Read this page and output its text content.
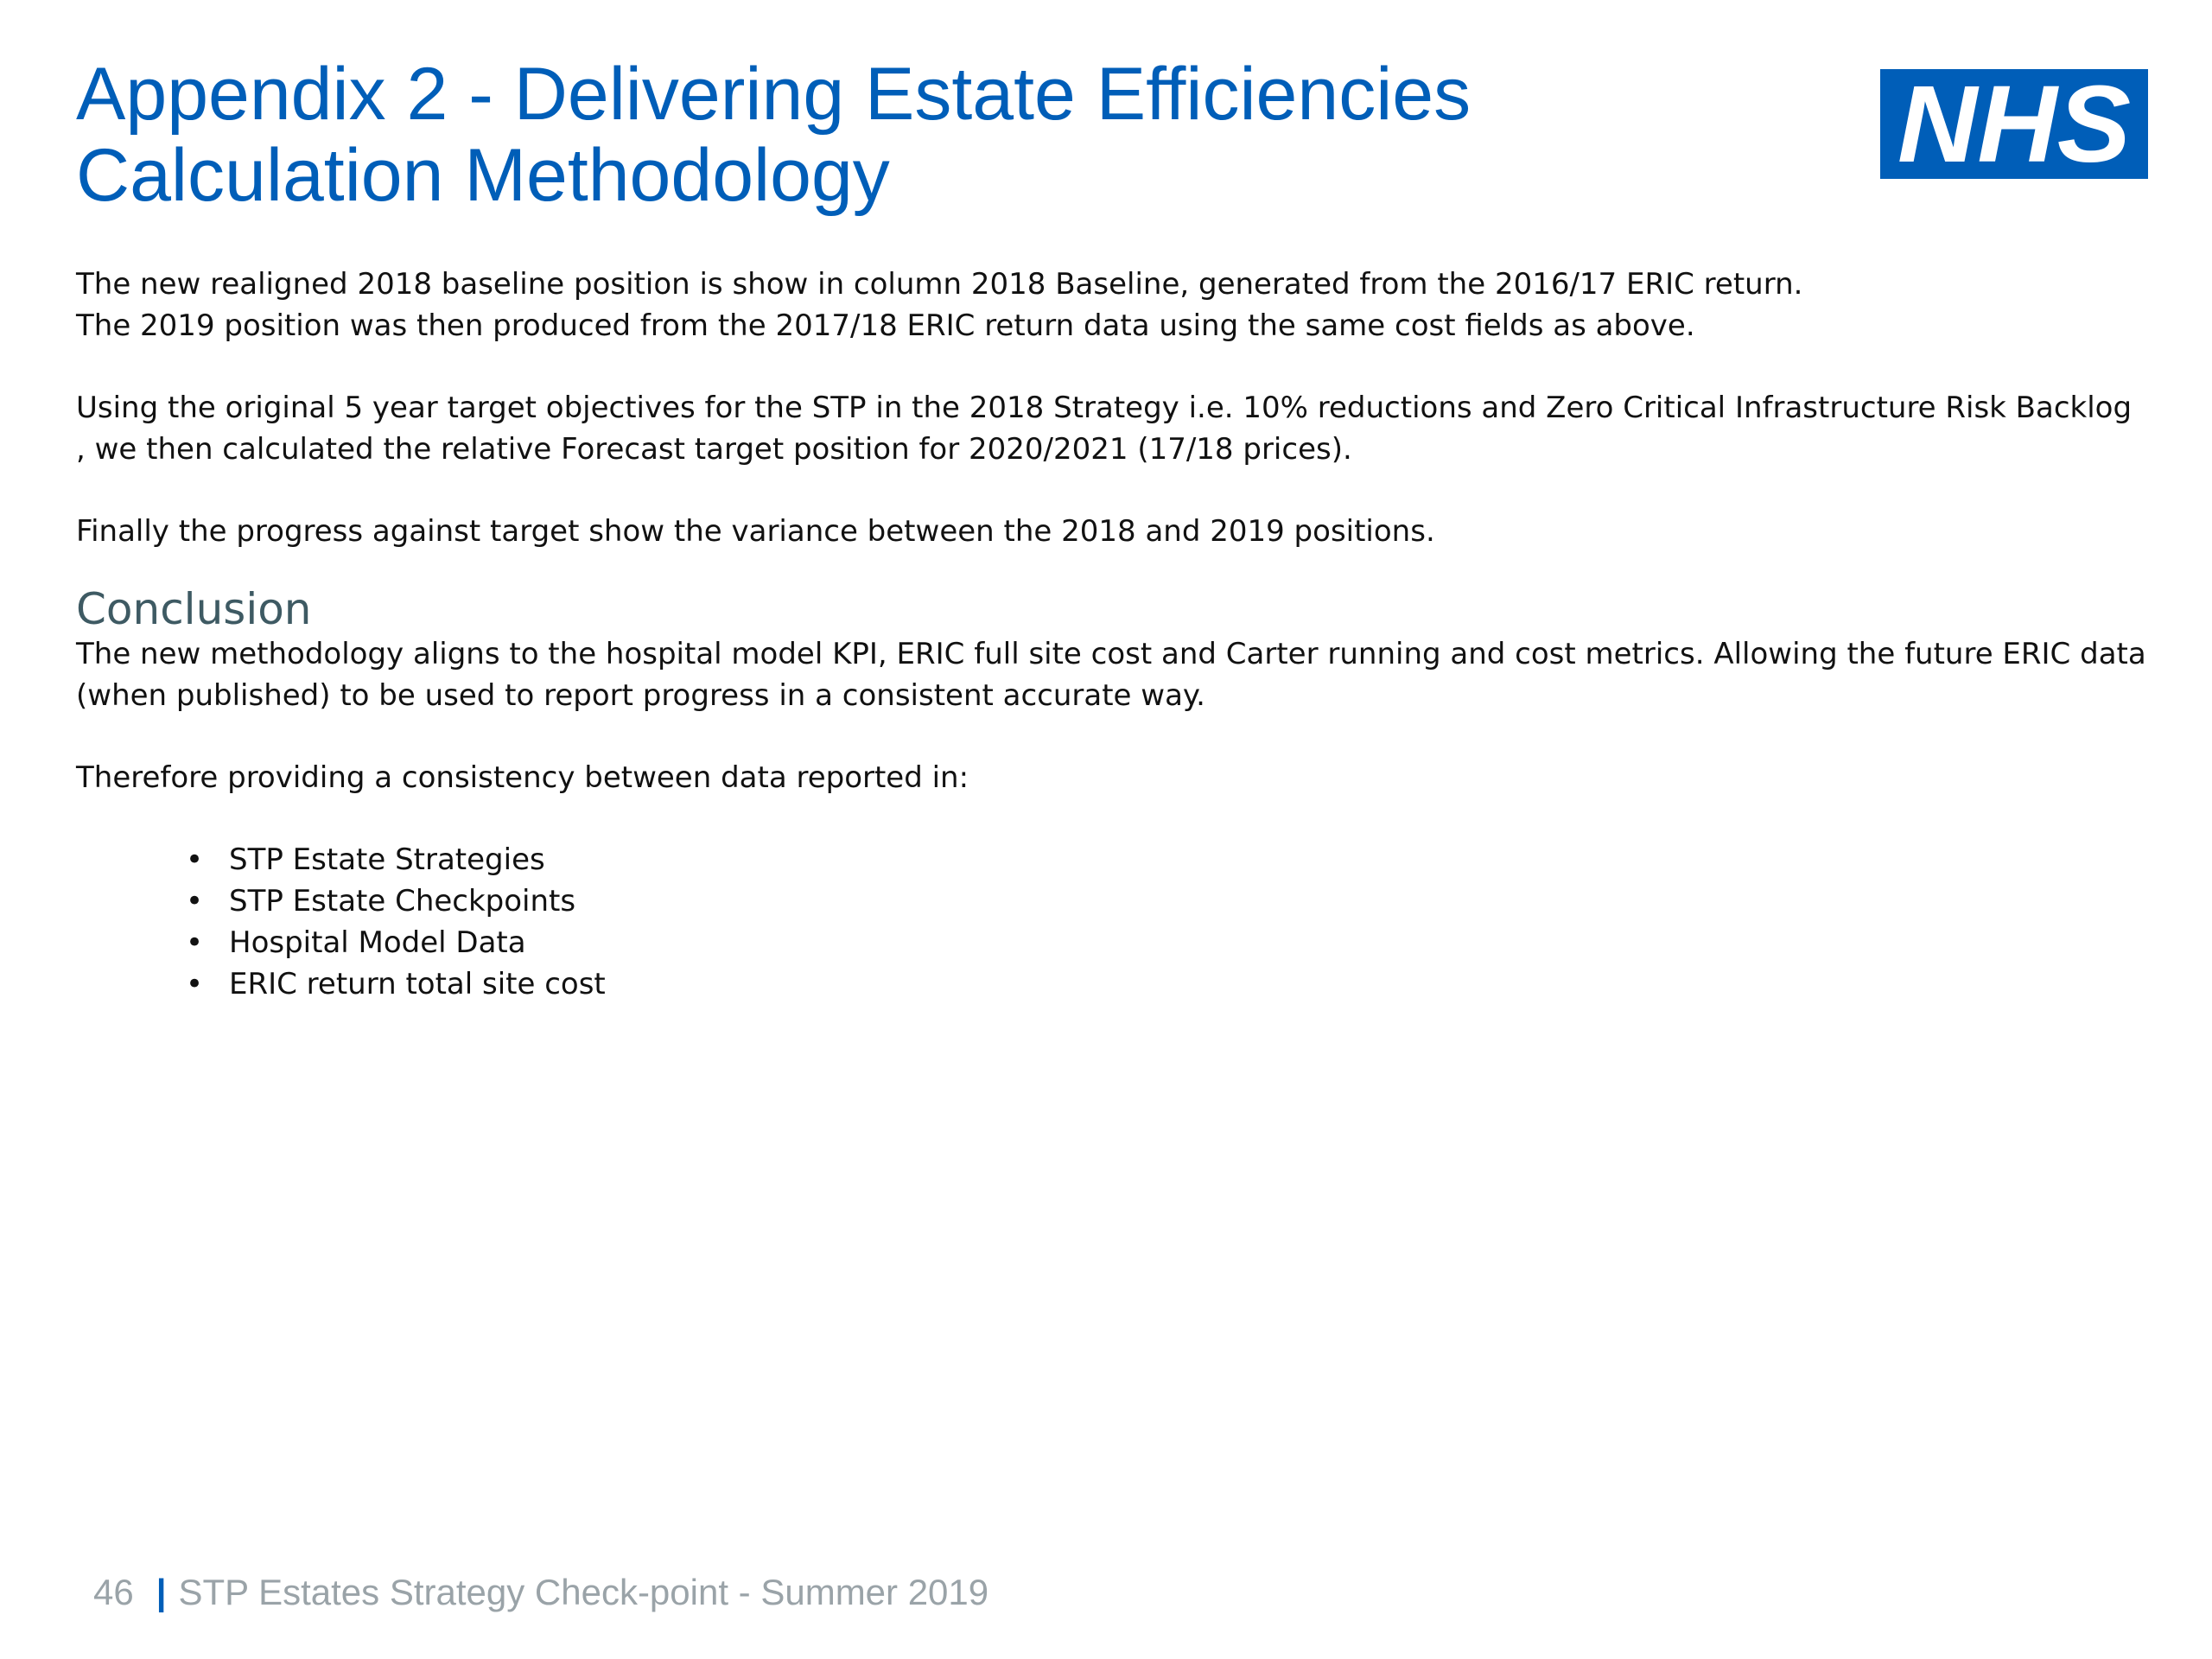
Appendix 2 - Delivering Estate Efficiencies
Calculation Methodology	NHS

The new realigned 2018 baseline position is show in column 2018 Baseline, generated from the 2016/17 ERIC return.

The 2019 position was then produced from the 2017/18 ERIC return data using the same cost fields as above.

Using the original 5 year target objectives for the STP in the 2018 Strategy i.e. 10% reductions and Zero Critical Infrastructure Risk Backlog , we then calculated the relative Forecast target position for 2020/2021 (17/18 prices).

Finally the progress against target show the variance between the 2018 and 2019 positions.

Conclusion

The new methodology aligns to the hospital model KPI, ERIC full site cost and Carter running and cost metrics. Allowing the future ERIC data (when published) to be used to report progress in a consistent accurate way.

Therefore providing a consistency between data reported in:

• STP Estate Strategies
• STP Estate Checkpoints
• Hospital Model Data
• ERIC return total site cost
46 | STP Estates Strategy Check-point - Summer 2019
